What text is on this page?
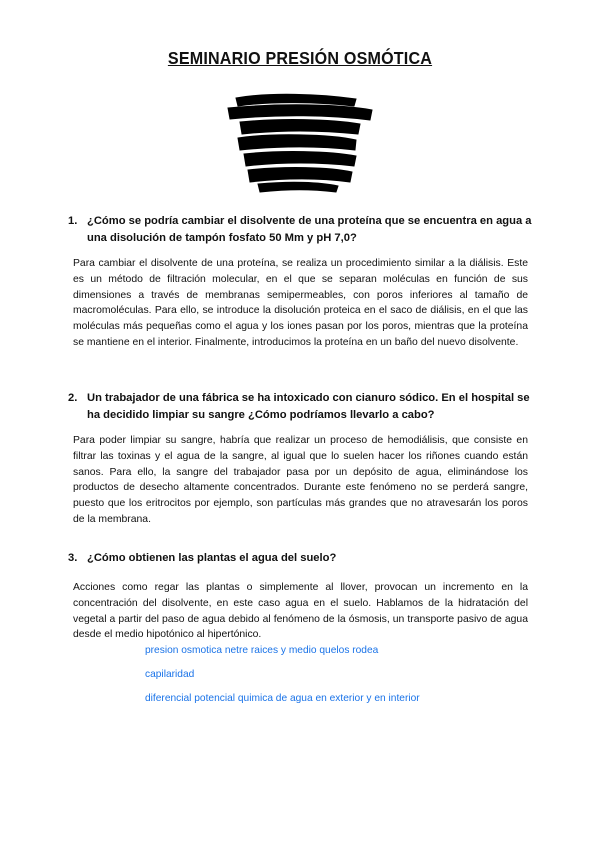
SEMINARIO PRESIÓN OSMÓTICA
1. ¿Cómo se podría cambiar el disolvente de una proteína que se encuentra en agua a una disolución de tampón fosfato 50 Mm y pH 7,0?
Para cambiar el disolvente de una proteína, se realiza un procedimiento similar a la diálisis. Este es un método de filtración molecular, en el que se separan moléculas en función de sus dimensiones a través de membranas semipermeables, con poros inferiores al tamaño de macromoléculas. Para ello, se introduce la disolución proteica en el saco de diálisis, en el que las moléculas más pequeñas como el agua y los iones pasan por los poros, mientras que la proteína se mantiene en el interior. Finalmente, introducimos la proteína en un baño del nuevo disolvente.
2. Un trabajador de una fábrica se ha intoxicado con cianuro sódico. En el hospital se ha decidido limpiar su sangre ¿Cómo podríamos llevarlo a cabo?
Para poder limpiar su sangre, habría que realizar un proceso de hemodiálisis, que consiste en filtrar las toxinas y el agua de la sangre, al igual que lo suelen hacer los riñones cuando están sanos. Para ello, la sangre del trabajador pasa por un depósito de agua, eliminándose los productos de desecho altamente concentrados. Durante este fenómeno no se perderá sangre, puesto que los eritrocitos por ejemplo, son partículas más grandes que no atravesarán los poros de la membrana.
3. ¿Cómo obtienen las plantas el agua del suelo?
Acciones como regar las plantas o simplemente al llover, provocan un incremento en la concentración del disolvente, en este caso agua en el suelo. Hablamos de la hidratación del vegetal a partir del paso de agua debido al fenómeno de la ósmosis, un transporte pasivo de agua desde el medio hipotónico al hipertónico.
presion osmotica netre raices y medio quelos rodea
capilaridad
diferencial potencial quimica de agua en exterior y en interior
